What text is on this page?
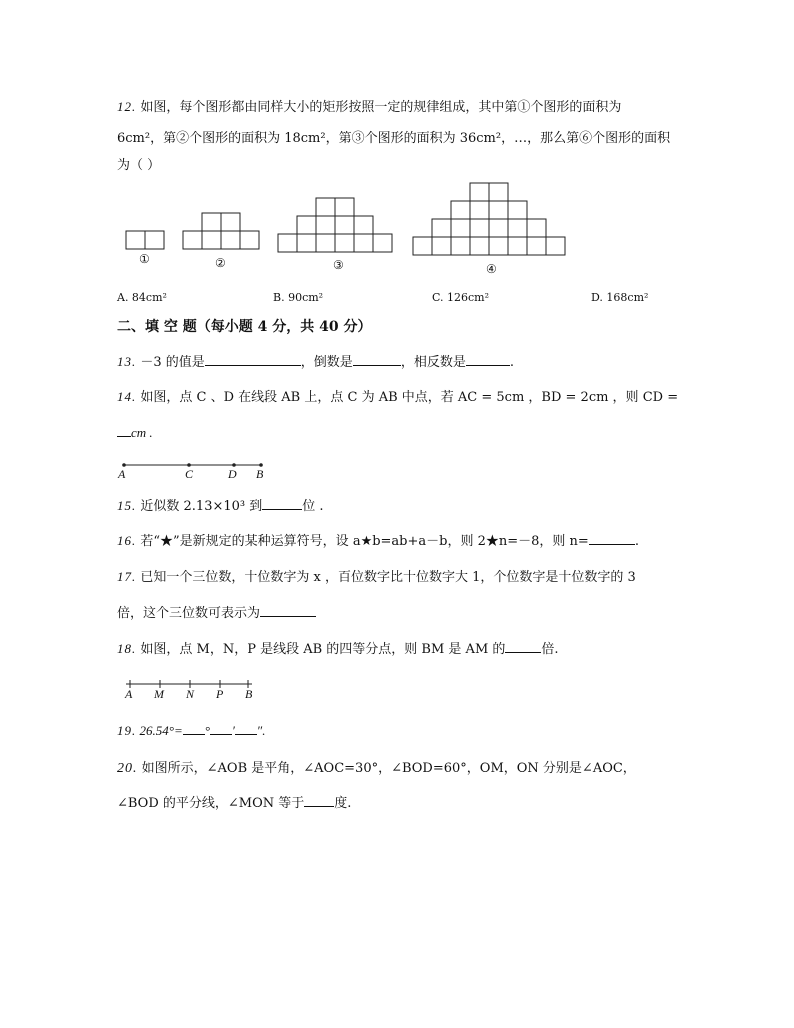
12. 如图，每个图形都由同样大小的矩形按照一定的规律组成，其中第①个图形的面积为
6cm²，第②个图形的面积为 18cm²，第③个图形的面积为 36cm²，…，那么第⑥个图形的面积
为（ ）
①	②	③	④
A. 84cm²	B. 90cm²	C. 126cm²	D. 168cm²
二、填 空 题（每小题 4 分，共 40 分）
13. －3 的值是	，倒数是	，相反数是	.
14. 如图，点 C 、D 在线段 AB 上，点 C 为 AB 中点，若 AC = 5cm ，BD = 2cm ，则 CD =
cm .
A	C	D B
15. 近似数 2.13×10³ 到	位 .
16. 若“★”是新规定的某种运算符号，设 a★b=ab+a－b，则 2★n=－8，则 n=	.
17. 已知一个三位数，十位数字为 x ，百位数字比十位数字大 1，个位数字是十位数字的 3
倍，这个三位数可表示为
18. 如图，点 M，N，P 是线段 AB 的四等分点，则 BM 是 AM 的	倍.
A M N P B
19. 26.54°= ° ′ ″.
20. 如图所示，∠AOB 是平角，∠AOC=30°，∠BOD=60°，OM，ON 分别是∠AOC，
∠BOD 的平分线，∠MON 等于 度.
